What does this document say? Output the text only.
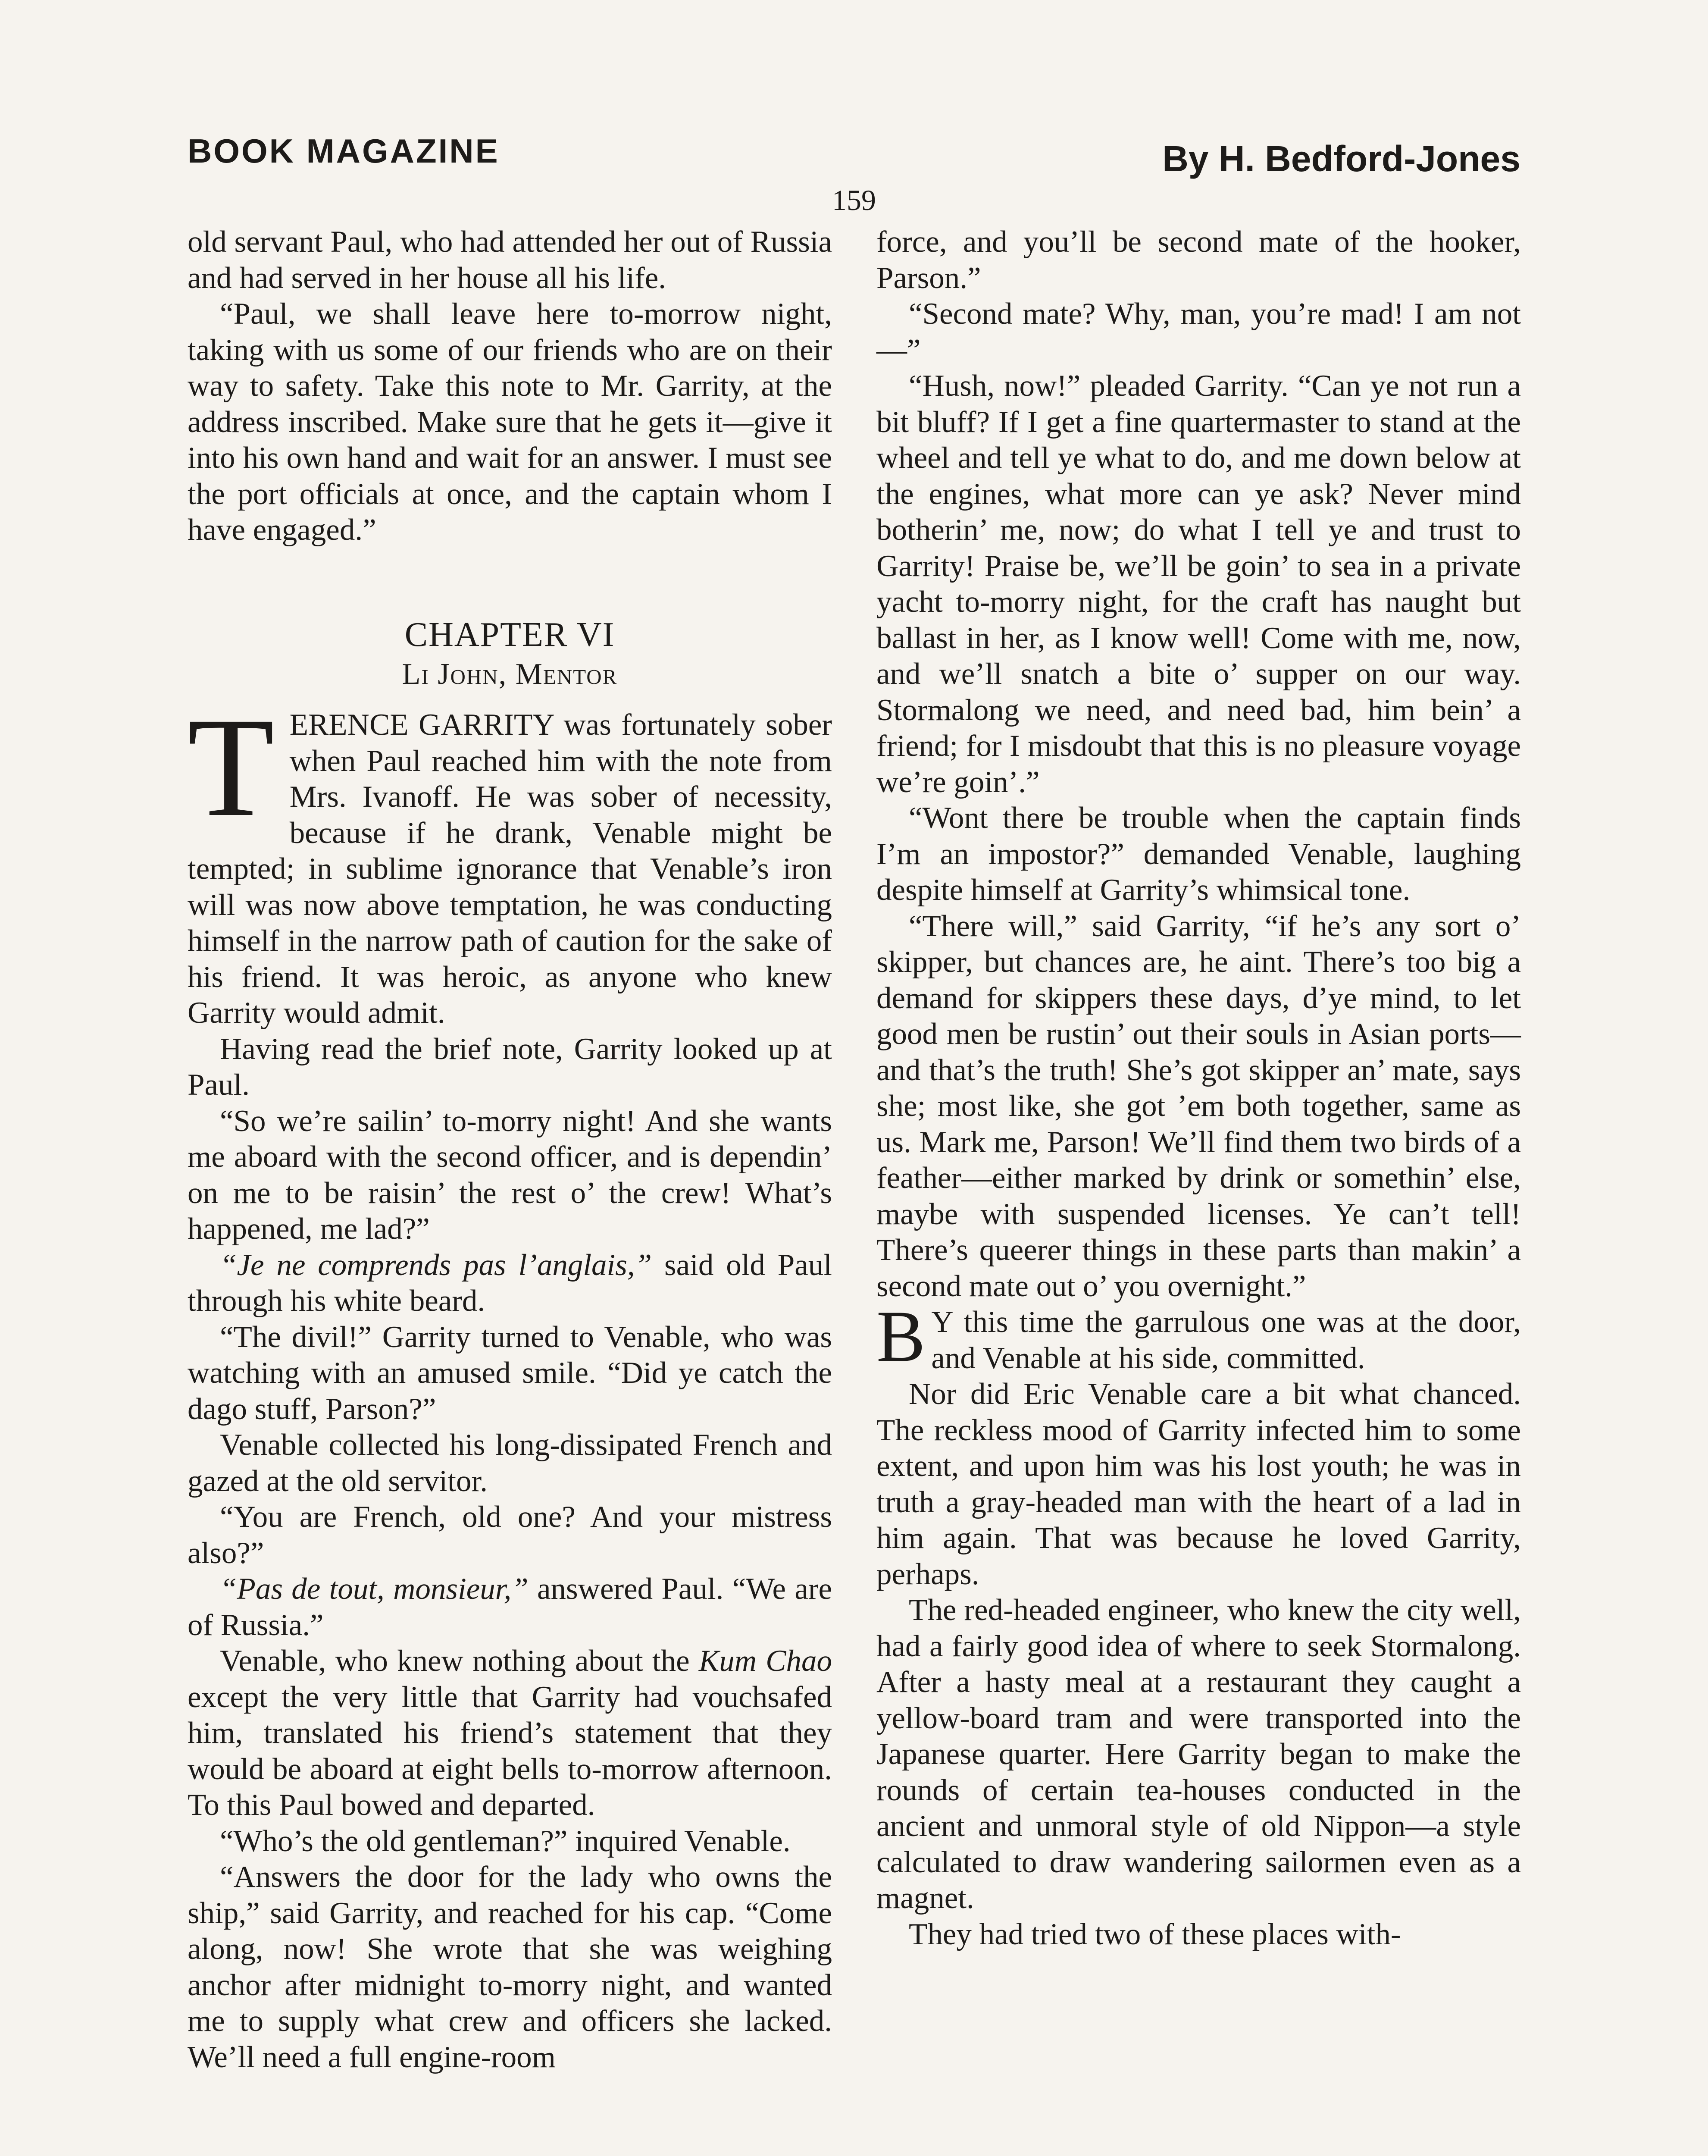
BOOK MAGAZINE	By H. Bedford-Jones
159

old servant Paul, who had attended her out of Russia and had served in her house all his life.

“Paul, we shall leave here to-morrow night, taking with us some of our friends who are on their way to safety. Take this note to Mr. Garrity, at the address inscribed. Make sure that he gets it—give it into his own hand and wait for an answer. I must see the port officials at once, and the captain whom I have engaged.”

CHAPTER VI
Li John, Mentor

TERENCE GARRITY was fortunately sober when Paul reached him with the note from Mrs. Ivanoff. He was sober of necessity, because if he drank, Venable might be tempted; in sublime ignorance that Venable’s iron will was now above temptation, he was conducting himself in the narrow path of caution for the sake of his friend. It was heroic, as anyone who knew Garrity would admit.

Having read the brief note, Garrity looked up at Paul.

“So we’re sailin’ to-morry night! And she wants me aboard with the second officer, and is dependin’ on me to be raisin’ the rest o’ the crew! What’s happened, me lad?”

“Je ne comprends pas l’anglais,” said old Paul through his white beard.

“The divil!” Garrity turned to Venable, who was watching with an amused smile. “Did ye catch the dago stuff, Parson?”

Venable collected his long-dissipated French and gazed at the old servitor.

“You are French, old one? And your mistress also?”

“Pas de tout, monsieur,” answered Paul. “We are of Russia.”

Venable, who knew nothing about the Kum Chao except the very little that Garrity had vouchsafed him, translated his friend’s statement that they would be aboard at eight bells to-morrow afternoon. To this Paul bowed and departed.

“Who’s the old gentleman?” inquired Venable.

“Answers the door for the lady who owns the ship,” said Garrity, and reached for his cap. “Come along, now! She wrote that she was weighing anchor after midnight to-morry night, and wanted me to supply what crew and officers she lacked. We’ll need a full engine-room

force, and you’ll be second mate of the hooker, Parson.”

“Second mate? Why, man, you’re mad! I am not—”

“Hush, now!” pleaded Garrity. “Can ye not run a bit bluff? If I get a fine quartermaster to stand at the wheel and tell ye what to do, and me down below at the engines, what more can ye ask? Never mind botherin’ me, now; do what I tell ye and trust to Garrity! Praise be, we’ll be goin’ to sea in a private yacht to-morry night, for the craft has naught but ballast in her, as I know well! Come with me, now, and we’ll snatch a bite o’ supper on our way. Stormalong we need, and need bad, him bein’ a friend; for I misdoubt that this is no pleasure voyage we’re goin’.”

“Wont there be trouble when the captain finds I’m an impostor?” demanded Venable, laughing despite himself at Garrity’s whimsical tone.

“There will,” said Garrity, “if he’s any sort o’ skipper, but chances are, he aint. There’s too big a demand for skippers these days, d’ye mind, to let good men be rustin’ out their souls in Asian ports—and that’s the truth! She’s got skipper an’ mate, says she; most like, she got ’em both together, same as us. Mark me, Parson! We’ll find them two birds of a feather—either marked by drink or somethin’ else, maybe with suspended licenses. Ye can’t tell! There’s queerer things in these parts than makin’ a second mate out o’ you overnight.”

B Y this time the garrulous one was at the door, and Venable at his side, committed.

Nor did Eric Venable care a bit what chanced. The reckless mood of Garrity infected him to some extent, and upon him was his lost youth; he was in truth a gray-headed man with the heart of a lad in him again. That was because he loved Garrity, perhaps.

The red-headed engineer, who knew the city well, had a fairly good idea of where to seek Stormalong. After a hasty meal at a restaurant they caught a yellow-board tram and were transported into the Japanese quarter. Here Garrity began to make the rounds of certain tea-houses conducted in the ancient and unmoral style of old Nippon—a style calculated to draw wandering sailormen even as a magnet.

They had tried two of these places with-
